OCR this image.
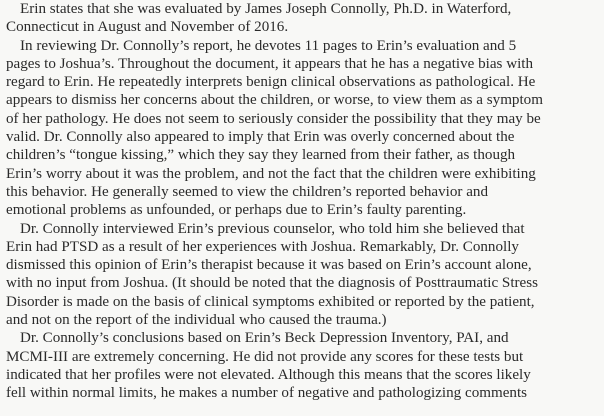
Erin states that she was evaluated by James Joseph Connolly, Ph.D. in Waterford,
Connecticut in August and November of 2016.
In reviewing Dr. Connolly’s report, he devotes 11 pages to Erin’s evaluation and 5
pages to Joshua’s. Throughout the document, it appears that he has a negative bias with
regard to Erin. He repeatedly interprets benign clinical observations as pathological. He
appears to dismiss her concerns about the children, or worse, to view them as a symptom
of her pathology. He does not seem to seriously consider the possibility that they may be
valid. Dr. Connolly also appeared to imply that Erin was overly concerned about the
children’s “tongue kissing,” which they say they learned from their father, as though
Erin’s worry about it was the problem, and not the fact that the children were exhibiting
this behavior. He generally seemed to view the children’s reported behavior and
emotional problems as unfounded, or perhaps due to Erin’s faulty parenting.
Dr. Connolly interviewed Erin’s previous counselor, who told him she believed that
Erin had PTSD as a result of her experiences with Joshua. Remarkably, Dr. Connolly
dismissed this opinion of Erin’s therapist because it was based on Erin’s account alone,
with no input from Joshua. (It should be noted that the diagnosis of Posttraumatic Stress
Disorder is made on the basis of clinical symptoms exhibited or reported by the patient,
and not on the report of the individual who caused the trauma.)
Dr. Connolly’s conclusions based on Erin’s Beck Depression Inventory, PAI, and
MCMI-III are extremely concerning. He did not provide any scores for these tests but
indicated that her profiles were not elevated. Although this means that the scores likely
fell within normal limits, he makes a number of negative and pathologizing comments
